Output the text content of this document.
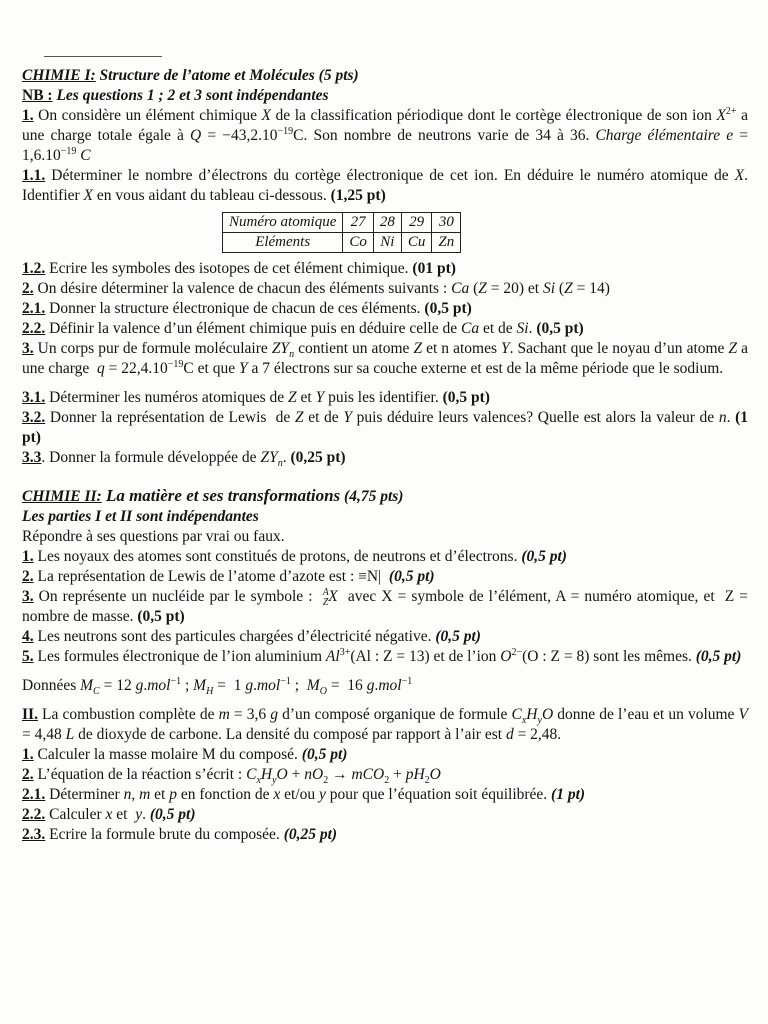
CHIMIE I: Structure de l’atome et Molécules (5 pts)

NB : Les questions 1 ; 2 et 3 sont indépendantes

1. On considère un élément chimique X de la classification périodique dont le cortège électronique de son ion $X^{2+}$ a une charge totale égale à $Q = -43,2.10^{-19}C$. Son nombre de neutrons varie de 34 à 36. Charge élémentaire $e = 1,6.10^{-19}$ C

1.1. Déterminer le nombre d’électrons du cortège électronique de cet ion. En déduire le numéro atomique de X. Identifier X en vous aidant du tableau ci-dessous. (1,25 pt)

Numéro atomique	27	28	29	30
Eléments	Co	Ni	Cu	Zn

1.2. Ecrire les symboles des isotopes de cet élément chimique. (01 pt)

2. On désire déterminer la valence de chacun des éléments suivants : Ca (Z = 20) et Si (Z = 14)

2.1. Donner la structure électronique de chacun de ces éléments. (0,5 pt)

2.2. Définir la valence d’un élément chimique puis en déduire celle de Ca et de Si. (0,5 pt)

3. Un corps pur de formule moléculaire $ZY_n$ contient un atome Z et n atomes Y. Sachant que le noyau d’un atome Z a une charge  $q = 22,4.10^{-19}C$ et que Y a 7 électrons sur sa couche externe et est de la même période que le sodium.

3.1. Déterminer les numéros atomiques de Z et Y puis les identifier. (0,5 pt)

3.2. Donner la représentation de Lewis  de Z et de Y puis déduire leurs valences? Quelle est alors la valeur de n. (1 pt)

3.3. Donner la formule développée de $ZY_n$. (0,25 pt)

CHIMIE II: La matière et ses transformations (4,75 pts)

Les parties I et II sont indépendantes

Répondre à ses questions par vrai ou faux.

1. Les noyaux des atomes sont constitués de protons, de neutrons et d’électrons. (0,5 pt)

2. La représentation de Lewis de l’atome d’azote est : ≡N|  (0,5 pt)

3. On représente un nucléide par le symbole :  $^A_Z$X  avec X = symbole de l’élément, A = numéro atomique, et  Z = nombre de masse. (0,5 pt)

4. Les neutrons sont des particules chargées d’électricité négative. (0,5 pt)

5. Les formules électronique de l’ion aluminium $Al^{3+}(Al$ : Z = 13) et de l’ion $O^{2-}(O$ : Z = 8) sont les mêmes. (0,5 pt)

Données $M_C = 12$ g.mol$^{-1}$ ; $M_H = 1$ g.mol$^{-1}$ ;  $M_O = 16$ g.mol$^{-1}$

II. La combustion complète de m = 3,6 g d’un composé organique de formule $C_xH_yO$ donne de l’eau et un volume V = 4,48 L de dioxyde de carbone. La densité du composé par rapport à l’air est d = 2,48.

1. Calculer la masse molaire M du composé. (0,5 pt)

2. L’équation de la réaction s’écrit : $C_xH_yO + nO_2 \to mCO_2 + pH_2O$

2.1. Déterminer n, m et p en fonction de x et/ou y pour que l’équation soit équilibrée. (1 pt)

2.2. Calculer x et  y. (0,5 pt)

2.3. Ecrire la formule brute du composée. (0,25 pt)
